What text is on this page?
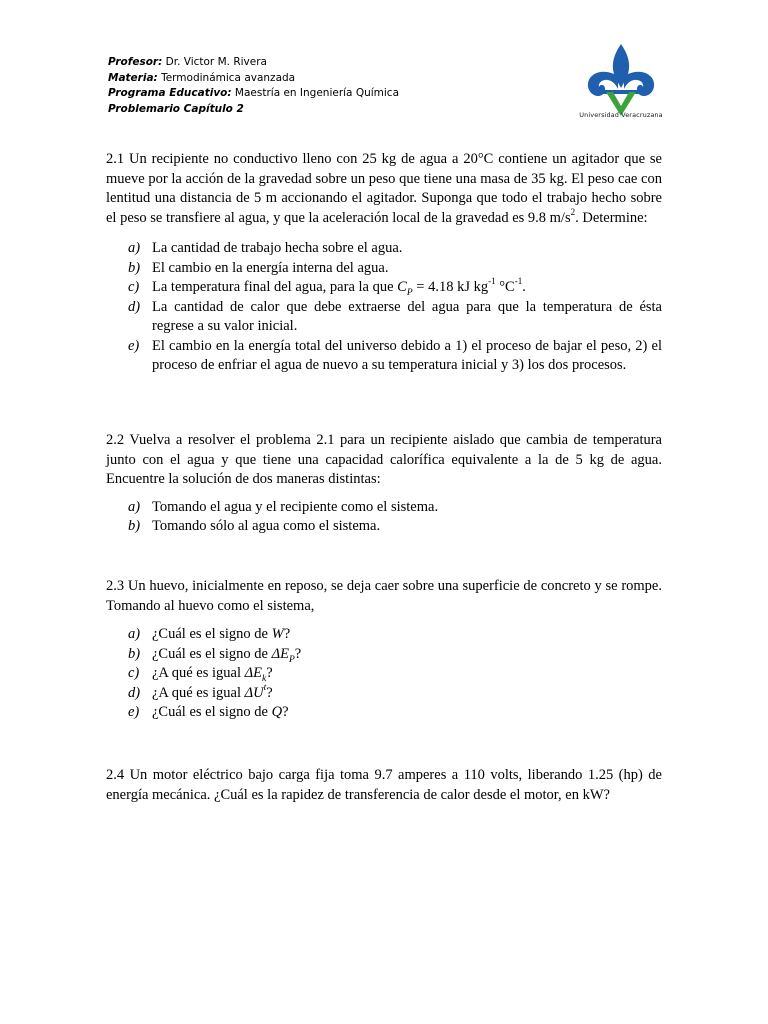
Profesor: Dr. Victor M. Rivera
Materia: Termodinámica avanzada
Programa Educativo: Maestría en Ingeniería Química
Problemario Capítulo 2
Universidad Veracruzana

2.1 Un recipiente no conductivo lleno con 25 kg de agua a 20°C contiene un agitador que se mueve por la acción de la gravedad sobre un peso que tiene una masa de 35 kg. El peso cae con lentitud una distancia de 5 m accionando el agitador. Suponga que todo el trabajo hecho sobre el peso se transfiere al agua, y que la aceleración local de la gravedad es 9.8 $m/s^2$. Determine:

a) La cantidad de trabajo hecha sobre el agua.
b) El cambio en la energía interna del agua.
c) La temperatura final del agua, para la que $C_P = 4.18$ kJ $kg^{-1}$ $^\circ C^{-1}$.
d) La cantidad de calor que debe extraerse del agua para que la temperatura de ésta regrese a su valor inicial.
e) El cambio en la energía total del universo debido a 1) el proceso de bajar el peso, 2) el proceso de enfriar el agua de nuevo a su temperatura inicial y 3) los dos procesos.

2.2 Vuelva a resolver el problema 2.1 para un recipiente aislado que cambia de temperatura junto con el agua y que tiene una capacidad calorífica equivalente a la de 5 kg de agua. Encuentre la solución de dos maneras distintas:

a) Tomando el agua y el recipiente como el sistema.
b) Tomando sólo al agua como el sistema.

2.3 Un huevo, inicialmente en reposo, se deja caer sobre una superficie de concreto y se rompe. Tomando al huevo como el sistema,

a) ¿Cuál es el signo de W?
b) ¿Cuál es el signo de $\Delta E_P$?
c) ¿A qué es igual $\Delta E_k$?
d) ¿A qué es igual $\Delta U^t$?
e) ¿Cuál es el signo de Q?

2.4 Un motor eléctrico bajo carga fija toma 9.7 amperes a 110 volts, liberando 1.25 (hp) de energía mecánica. ¿Cuál es la rapidez de transferencia de calor desde el motor, en kW?
